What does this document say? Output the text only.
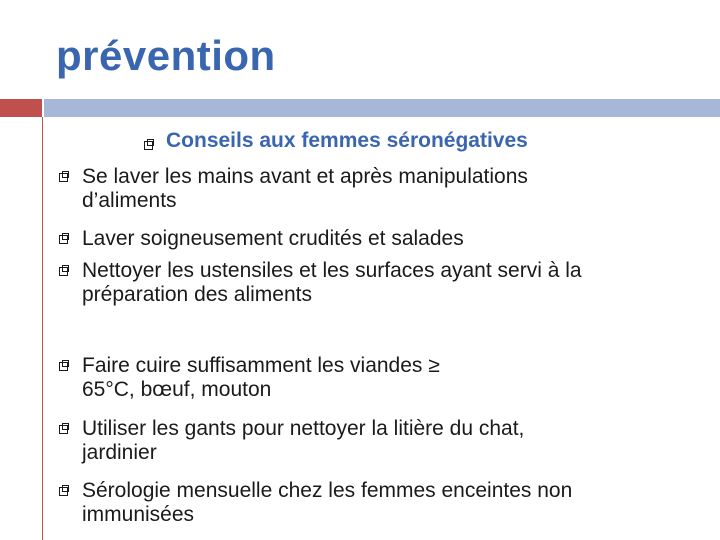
prévention
Conseils aux femmes séronégatives
Se laver les mains avant et après manipulations
d’aliments
Laver soigneusement crudités et salades
Nettoyer les ustensiles et les surfaces ayant servi à la
préparation des aliments
Faire cuire suffisamment les viandes ≥
65°C, bœuf, mouton
Utiliser les gants pour nettoyer la litière du chat,
jardinier
Sérologie mensuelle chez les femmes enceintes non
immunisées
